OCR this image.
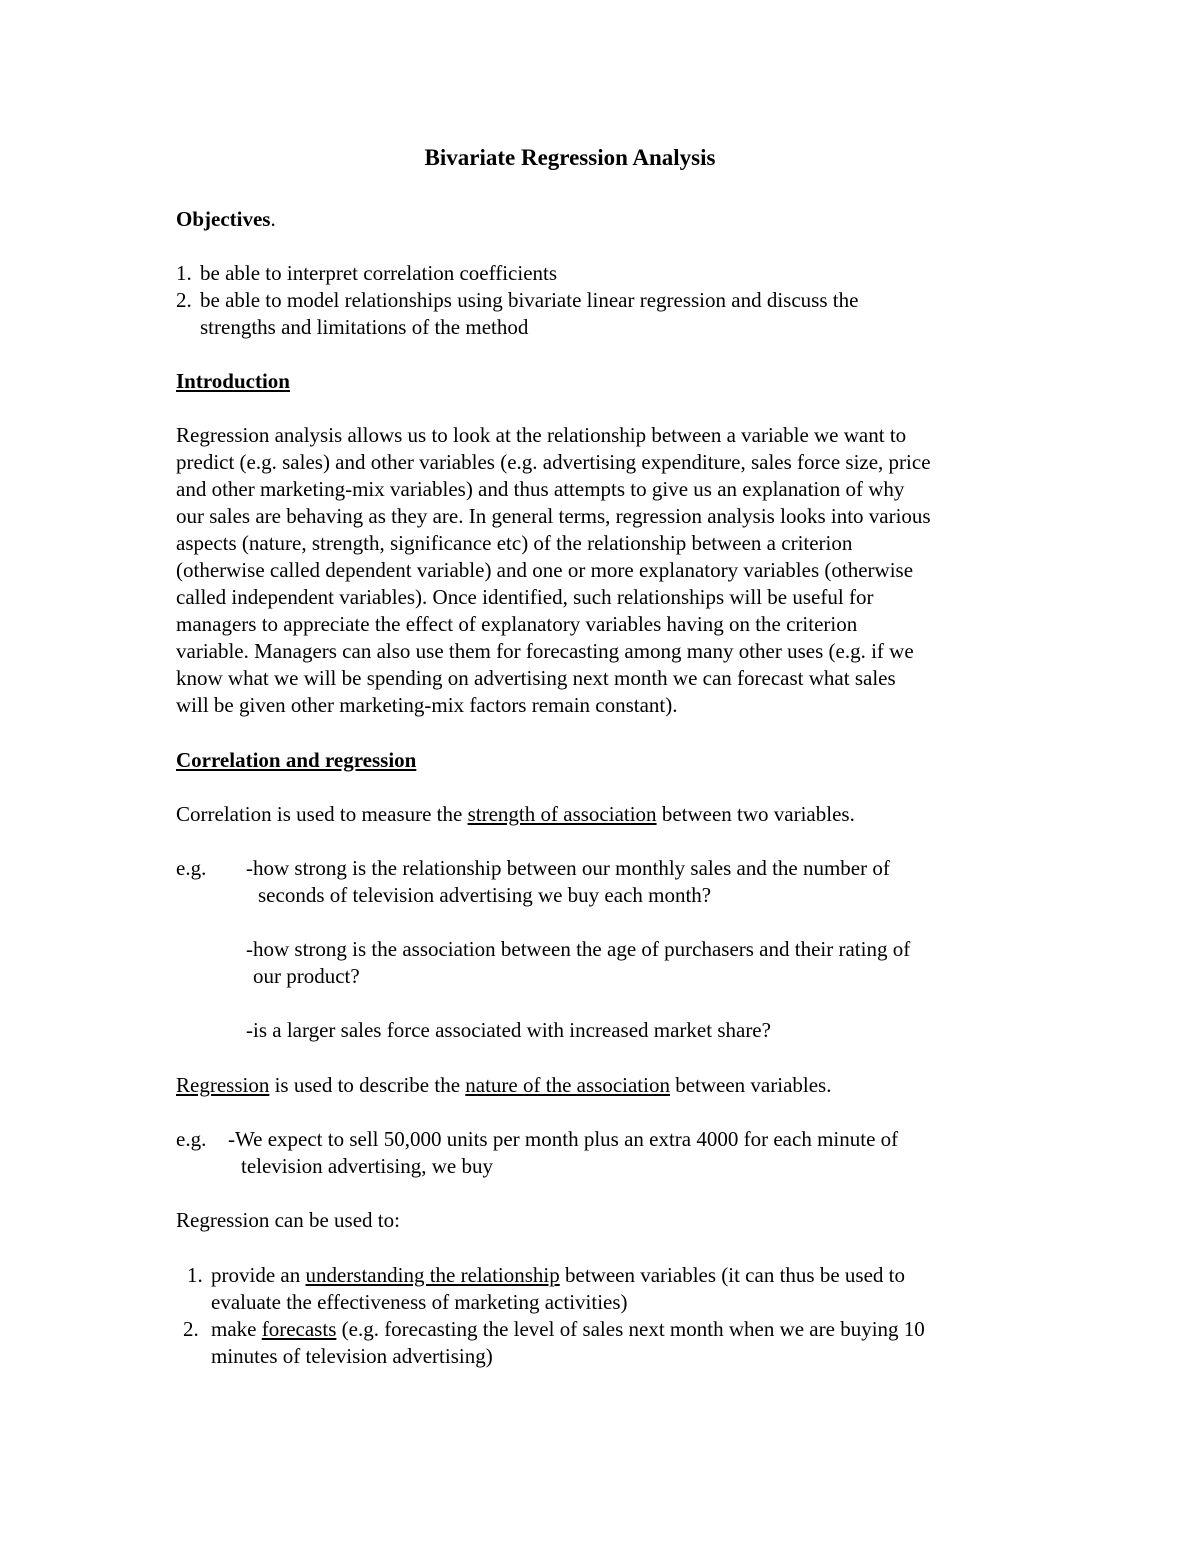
Bivariate Regression Analysis
Objectives.
1. be able to interpret correlation coefficients
2. be able to model relationships using bivariate linear regression and discuss the
strengths and limitations of the method
Introduction
Regression analysis allows us to look at the relationship between a variable we want to
predict (e.g. sales) and other variables (e.g. advertising expenditure, sales force size, price
and other marketing-mix variables) and thus attempts to give us an explanation of why
our sales are behaving as they are. In general terms, regression analysis looks into various
aspects (nature, strength, significance etc) of the relationship between a criterion
(otherwise called dependent variable) and one or more explanatory variables (otherwise
called independent variables). Once identified, such relationships will be useful for
managers to appreciate the effect of explanatory variables having on the criterion
variable. Managers can also use them for forecasting among many other uses (e.g. if we
know what we will be spending on advertising next month we can forecast what sales
will be given other marketing-mix factors remain constant).
Correlation and regression
Correlation is used to measure the strength of association between two variables.
e.g. -how strong is the relationship between our monthly sales and the number of
seconds of television advertising we buy each month?
-how strong is the association between the age of purchasers and their rating of
our product?
-is a larger sales force associated with increased market share?
Regression is used to describe the nature of the association between variables.
e.g. -We expect to sell 50,000 units per month plus an extra 4000 for each minute of
television advertising, we buy
Regression can be used to:
1. provide an understanding the relationship between variables (it can thus be used to
evaluate the effectiveness of marketing activities)
2. make forecasts (e.g. forecasting the level of sales next month when we are buying 10
minutes of television advertising)
